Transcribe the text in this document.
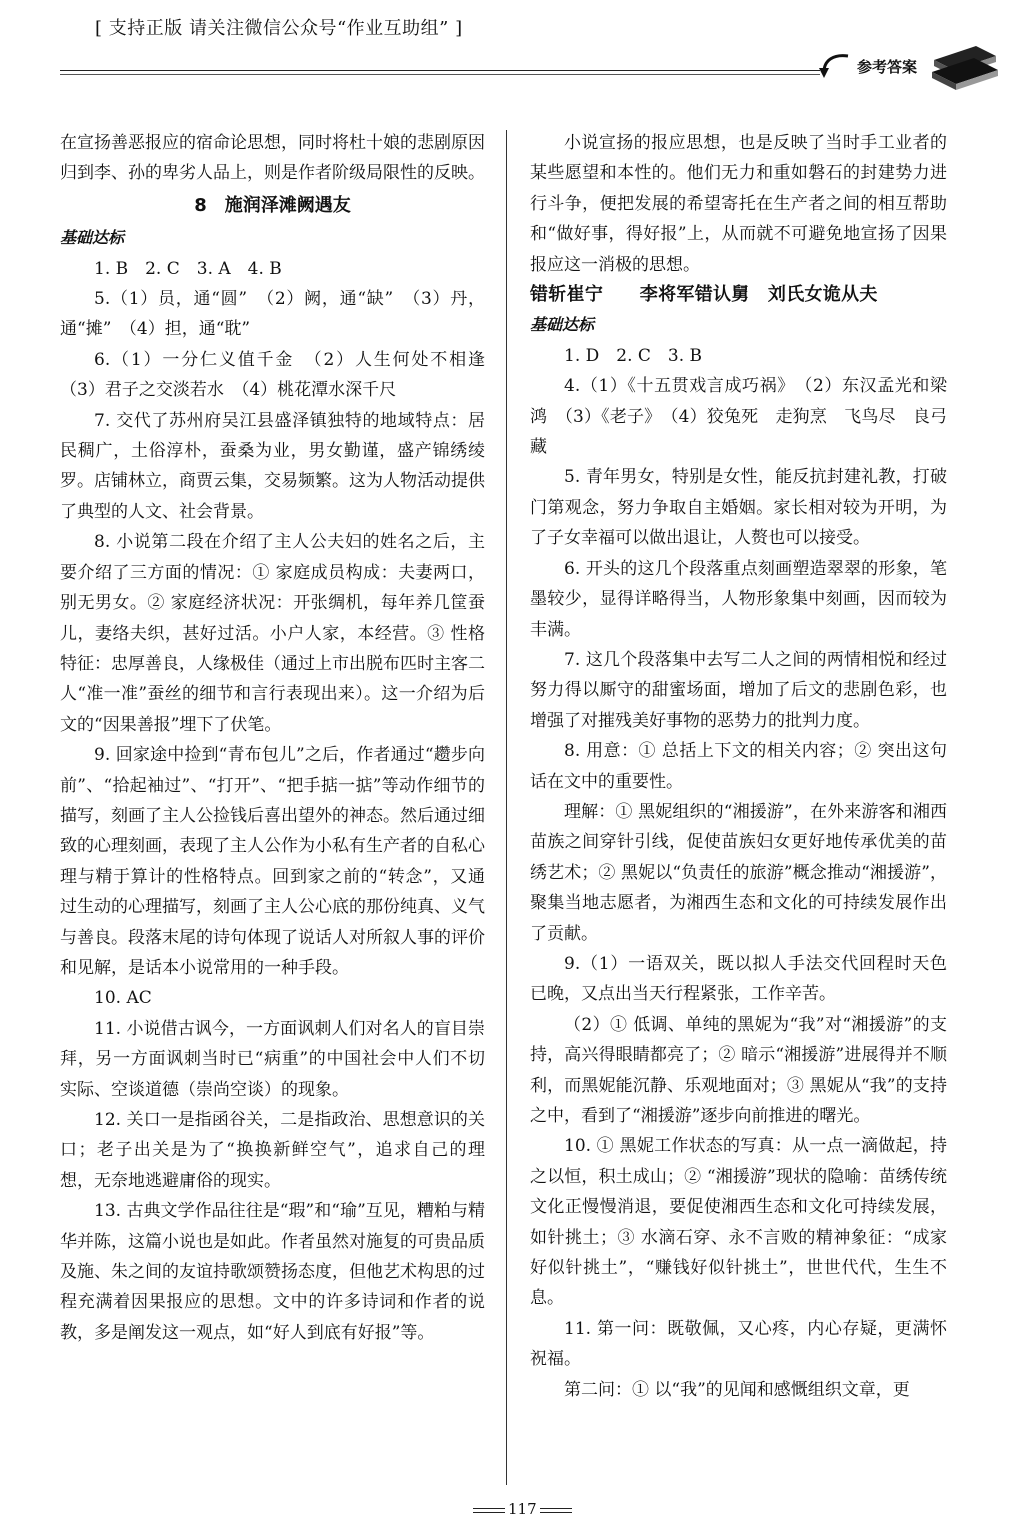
[ 支持正版 请关注微信公众号“作业互助组” ]
参考答案

在宣扬善恶报应的宿命论思想，同时将杜十娘的悲剧原因归到李、孙的卑劣人品上，则是作者阶级局限性的反映。

8　施润泽滩阙遇友

基础达标

1. B　2. C　3. A　4. B

5.（1）员，通“圆”　（2）阙，通“缺”　（3）丹，通“摊”　（4）担，通“耽”

6.（1）一分仁义值千金　（2）人生何处不相逢　（3）君子之交淡若水　（4）桃花潭水深千尺

7. 交代了苏州府吴江县盛泽镇独特的地域特点：居民稠广，土俗淳朴，蚕桑为业，男女勤谨，盛产锦绣绫罗。店铺林立，商贾云集，交易频繁。这为人物活动提供了典型的人文、社会背景。

8. 小说第二段在介绍了主人公夫妇的姓名之后，主要介绍了三方面的情况：① 家庭成员构成：夫妻两口，别无男女。② 家庭经济状况：开张绸机，每年养几筐蚕儿，妻络夫织，甚好过活。小户人家，本经营。③ 性格特征：忠厚善良，人缘极佳（通过上市出脱布匹时主客二人“准一准”蚕丝的细节和言行表现出来）。这一介绍为后文的“因果善报”埋下了伏笔。

9. 回家途中捡到“青布包儿”之后，作者通过“趱步向前”、“拾起袖过”、“打开”、“把手掂一掂”等动作细节的描写，刻画了主人公捡钱后喜出望外的神态。然后通过细致的心理刻画，表现了主人公作为小私有生产者的自私心理与精于算计的性格特点。回到家之前的“转念”，又通过生动的心理描写，刻画了主人公心底的那份纯真、义气与善良。段落末尾的诗句体现了说话人对所叙人事的评价和见解，是话本小说常用的一种手段。

10. AC

11. 小说借古讽今，一方面讽刺人们对名人的盲目崇拜，另一方面讽刺当时已“病重”的中国社会中人们不切实际、空谈道德（崇尚空谈）的现象。

12. 关口一是指函谷关，二是指政治、思想意识的关口；老子出关是为了“换换新鲜空气”，追求自己的理想，无奈地逃避庸俗的现实。

13. 古典文学作品往往是“瑕”和“瑜”互见，糟粕与精华并陈，这篇小说也是如此。作者虽然对施复的可贵品质及施、朱之间的友谊持歌颂赞扬态度，但他艺术构思的过程充满着因果报应的思想。文中的许多诗词和作者的说教，多是阐发这一观点，如“好人到底有好报”等。

小说宣扬的报应思想，也是反映了当时手工业者的某些愿望和本性的。他们无力和重如磐石的封建势力进行斗争，便把发展的希望寄托在生产者之间的相互帮助和“做好事，得好报”上，从而就不可避免地宣扬了因果报应这一消极的思想。

错斩崔宁　　李将军错认舅　刘氏女诡从夫

基础达标

1. D　2. C　3. B

4.（1）《十五贯戏言成巧祸》　（2）东汉孟光和梁鸿　（3）《老子》　（4）狡兔死　走狗烹　飞鸟尽　良弓藏

5. 青年男女，特别是女性，能反抗封建礼教，打破门第观念，努力争取自主婚姻。家长相对较为开明，为了子女幸福可以做出退让，人赘也可以接受。

6. 开头的这几个段落重点刻画塑造翠翠的形象，笔墨较少，显得详略得当，人物形象集中刻画，因而较为丰满。

7. 这几个段落集中去写二人之间的两情相悦和经过努力得以厮守的甜蜜场面，增加了后文的悲剧色彩，也增强了对摧残美好事物的恶势力的批判力度。

8. 用意：① 总括上下文的相关内容；② 突出这句话在文中的重要性。

理解：① 黑妮组织的“湘援游”，在外来游客和湘西苗族之间穿针引线，促使苗族妇女更好地传承优美的苗绣艺术；② 黑妮以“负责任的旅游”概念推动“湘援游”，聚集当地志愿者，为湘西生态和文化的可持续发展作出了贡献。

9.（1）一语双关，既以拟人手法交代回程时天色已晚，又点出当天行程紧张，工作辛苦。

（2）① 低调、单纯的黑妮为“我”对“湘援游”的支持，高兴得眼睛都亮了；② 暗示“湘援游”进展得并不顺利，而黑妮能沉静、乐观地面对；③ 黑妮从“我”的支持之中，看到了“湘援游”逐步向前推进的曙光。

10. ① 黑妮工作状态的写真：从一点一滴做起，持之以恒，积土成山；② “湘援游”现状的隐喻：苗绣传统文化正慢慢消退，要促使湘西生态和文化可持续发展，如针挑土；③ 水滴石穿、永不言败的精神象征：“成家好似针挑土”，“赚钱好似针挑土”，世世代代，生生不息。

11. 第一问：既敬佩，又心疼，内心存疑，更满怀祝福。

第二问：① 以“我”的见闻和感慨组织文章，更

117
